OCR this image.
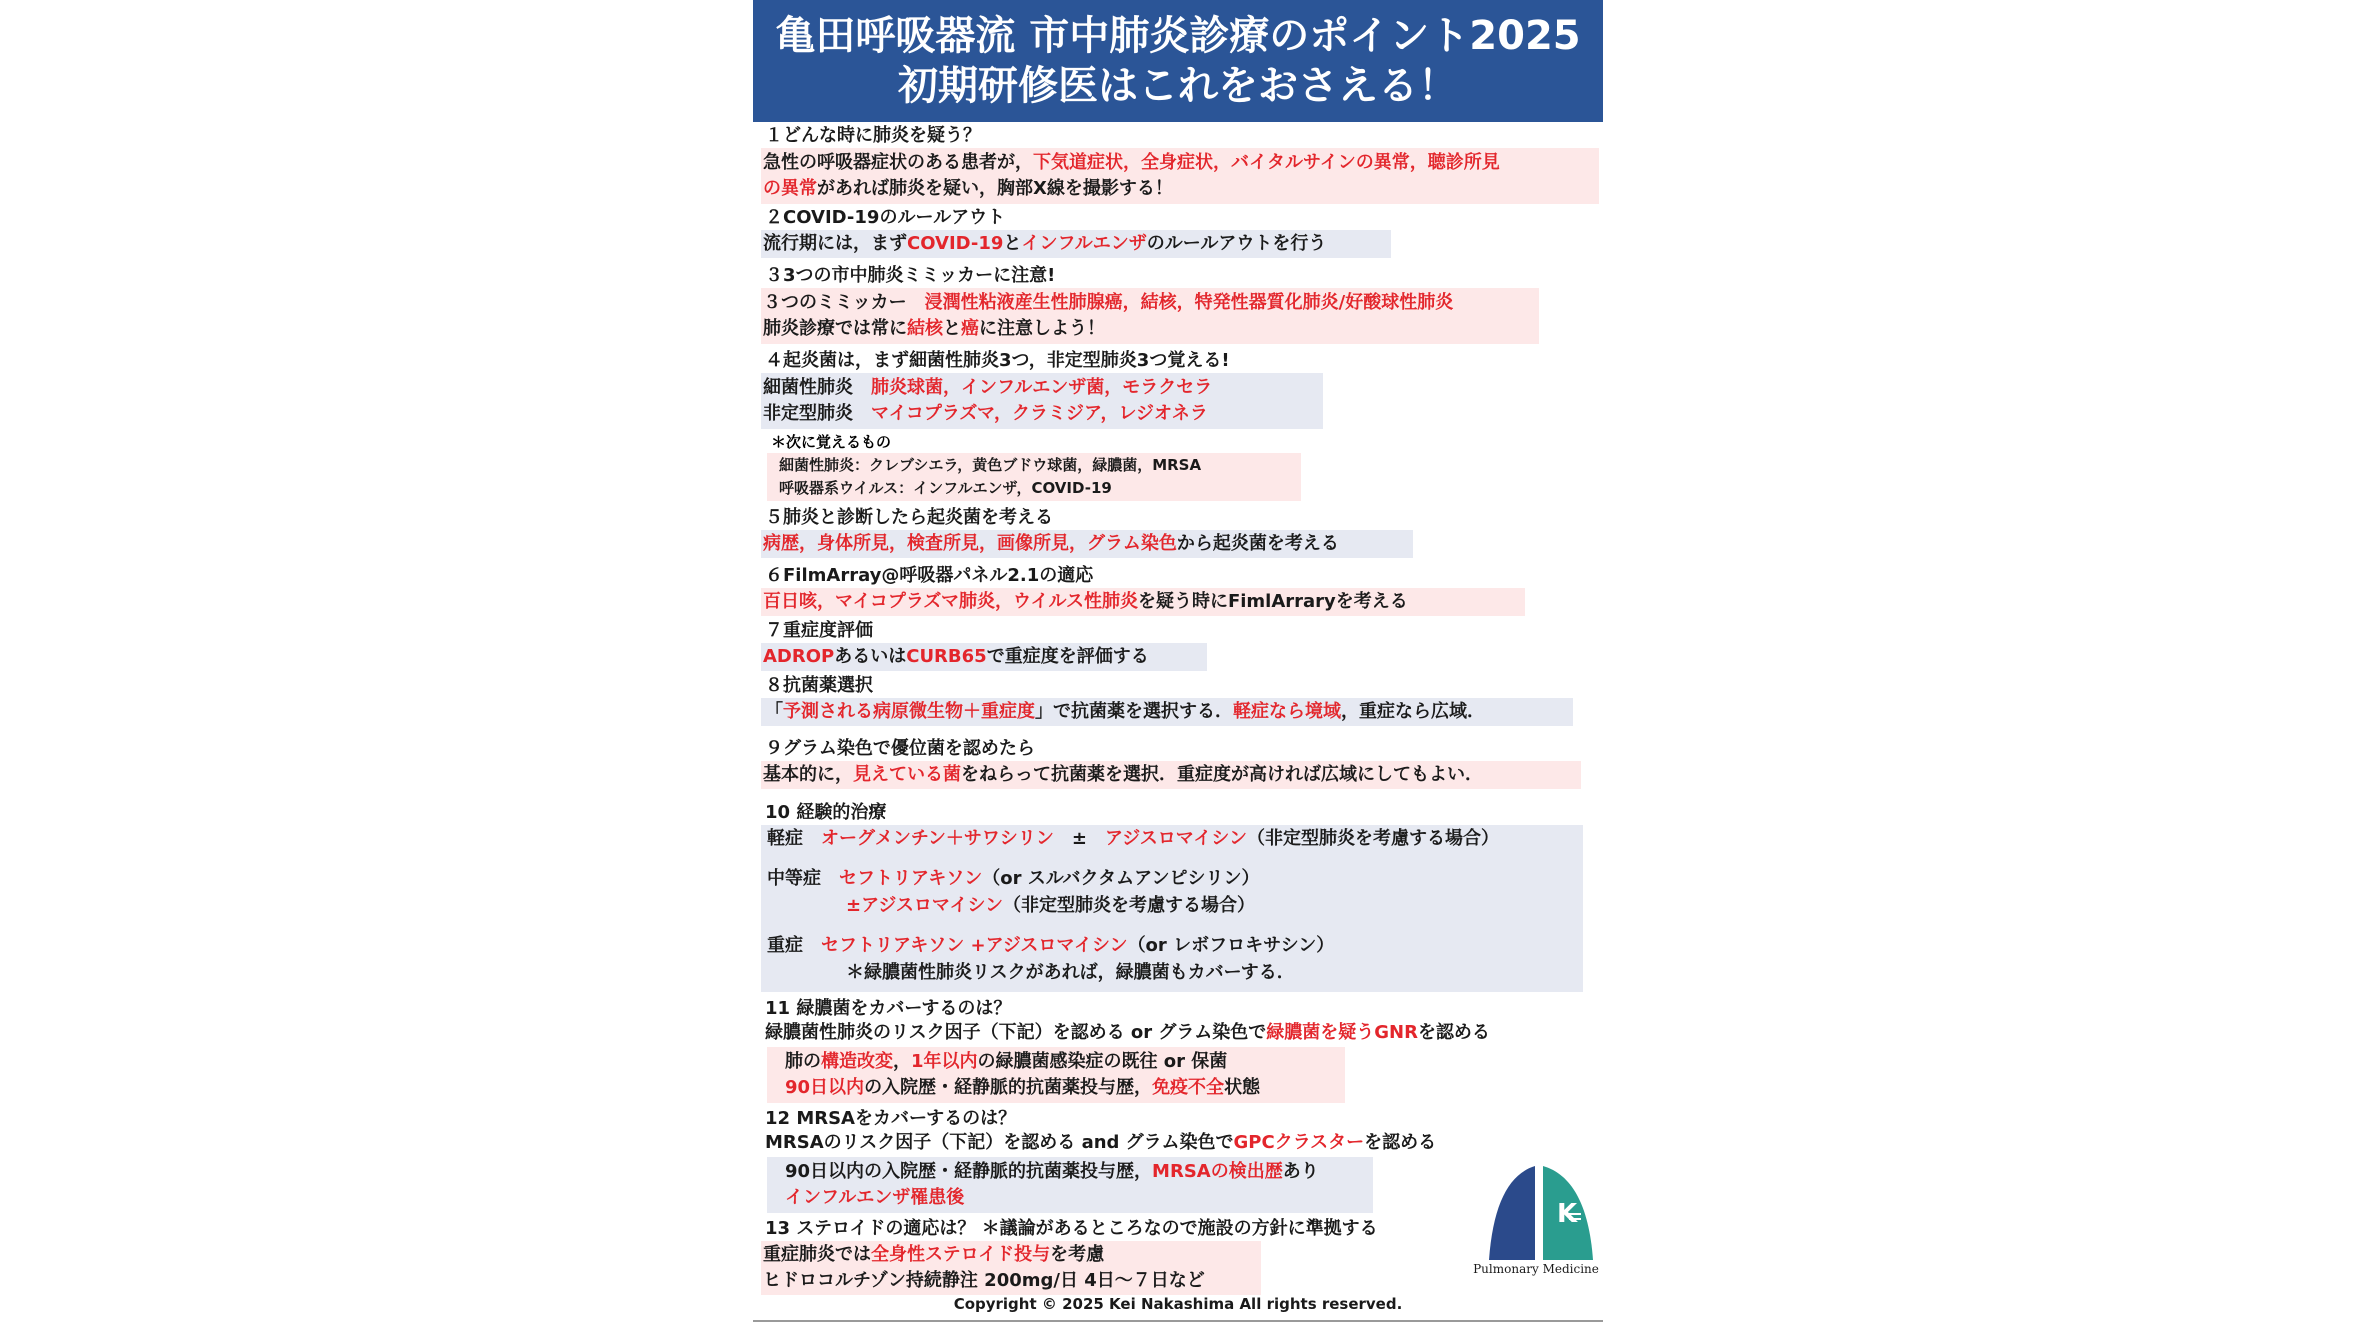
亀田呼吸器流 市中肺炎診療のポイント2025
初期研修医はこれをおさえる！
１どんな時に肺炎を疑う？
急性の呼吸器症状のある患者が，下気道症状，全身症状，バイタルサインの異常，聴診所見
の異常があれば肺炎を疑い，胸部X線を撮影する！
２COVID-19のルールアウト
流行期には，まずCOVID-19とインフルエンザのルールアウトを行う
３3つの市中肺炎ミミッカーに注意!
３つのミミッカー　浸潤性粘液産生性肺腺癌，結核，特発性器質化肺炎/好酸球性肺炎
肺炎診療では常に結核と癌に注意しよう！
４起炎菌は，まず細菌性肺炎3つ，非定型肺炎3つ覚える!
細菌性肺炎　肺炎球菌，インフルエンザ菌，モラクセラ
非定型肺炎　マイコプラズマ，クラミジア，レジオネラ
＊次に覚えるもの
細菌性肺炎：クレブシエラ，黄色ブドウ球菌，緑膿菌，MRSA
呼吸器系ウイルス：インフルエンザ，COVID-19
５肺炎と診断したら起炎菌を考える
病歴，身体所見，検査所見，画像所見，グラム染色から起炎菌を考える
６FilmArray@呼吸器パネル2.1の適応
百日咳，マイコプラズマ肺炎，ウイルス性肺炎を疑う時にFimlArraryを考える
７重症度評価
ADROPあるいはCURB65で重症度を評価する
８抗菌薬選択
「予測される病原微生物＋重症度」で抗菌薬を選択する．軽症なら境域，重症なら広域．
９グラム染色で優位菌を認めたら
基本的に，見えている菌をねらって抗菌薬を選択．重症度が高ければ広域にしてもよい．
10 経験的治療
軽症　オーグメンチン＋サワシリン　±　アジスロマイシン（非定型肺炎を考慮する場合）
中等症　セフトリアキソン（or スルバクタムアンピシリン）
±アジスロマイシン（非定型肺炎を考慮する場合）
重症　セフトリアキソン +アジスロマイシン（or レボフロキサシン）
＊緑膿菌性肺炎リスクがあれば，緑膿菌もカバーする．
11 緑膿菌をカバーするのは？
緑膿菌性肺炎のリスク因子（下記）を認める or グラム染色で緑膿菌を疑うGNRを認める
肺の構造改変，1年以内の緑膿菌感染症の既往 or 保菌
90日以内の入院歴・経静脈的抗菌薬投与歴，免疫不全状態
12 MRSAをカバーするのは？
MRSAのリスク因子（下記）を認める and グラム染色でGPCクラスターを認める
90日以内の入院歴・経静脈的抗菌薬投与歴，MRSAの検出歴あり
インフルエンザ罹患後
13 ステロイドの適応は？ ＊議論があるところなので施設の方針に準拠する
重症肺炎では全身性ステロイド投与を考慮
ヒドロコルチゾン持続静注 200mg/日 4日〜７日など
K
Pulmonary Medicine
Copyright © 2025 Kei Nakashima All rights reserved.
